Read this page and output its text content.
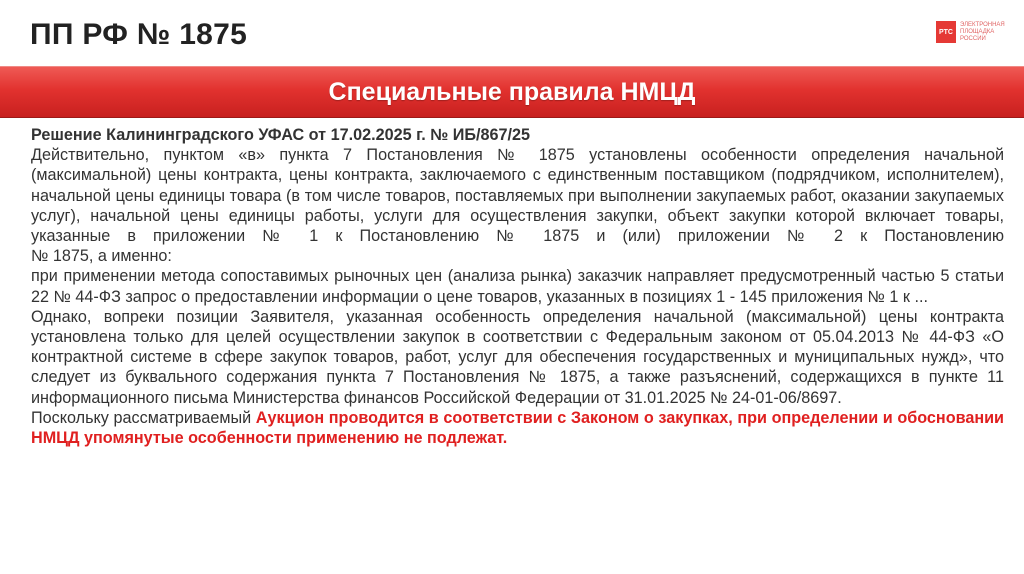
ПП РФ № 1875	РТС
ЭЛЕКТРОННАЯ ПЛОЩАДКА РОССИИ
Специальные правила НМЦД

Решение Калининградского УФАС от 17.02.2025 г. № ИБ/867/25

Действительно, пунктом «в» пункта 7 Постановления № 1875 установлены особенности определения начальной (максимальной) цены контракта, цены контракта, заключаемого с единственным поставщиком (подрядчиком, исполнителем), начальной цены единицы товара (в том числе товаров, поставляемых при выполнении закупаемых работ, оказании закупаемых услуг), начальной цены единицы работы, услуги для осуществления закупки, объект закупки которой включает товары, указанные в приложении № 1 к Постановлению № 1875 и (или) приложении № 2 к Постановлению

№ 1875, а именно:

при применении метода сопоставимых рыночных цен (анализа рынка) заказчик направляет предусмотренный частью 5 статьи 22 № 44-ФЗ запрос о предоставлении информации о цене товаров, указанных в позициях 1 - 145 приложения № 1 к ...

Однако, вопреки позиции Заявителя, указанная особенность определения начальной (максимальной) цены контракта установлена только для целей осуществлении закупок в соответствии с Федеральным законом от 05.04.2013 № 44-ФЗ «О контрактной системе в сфере закупок товаров, работ, услуг для обеспечения государственных и муниципальных нужд», что следует из буквального содержания пункта 7 Постановления № 1875, а также разъяснений, содержащихся в пункте 11 информационного письма Министерства финансов Российской Федерации от 31.01.2025 № 24-01-06/8697.

Поскольку рассматриваемый Аукцион проводится в соответствии с Законом о закупках, при определении и обосновании НМЦД упомянутые особенности применению не подлежат.
